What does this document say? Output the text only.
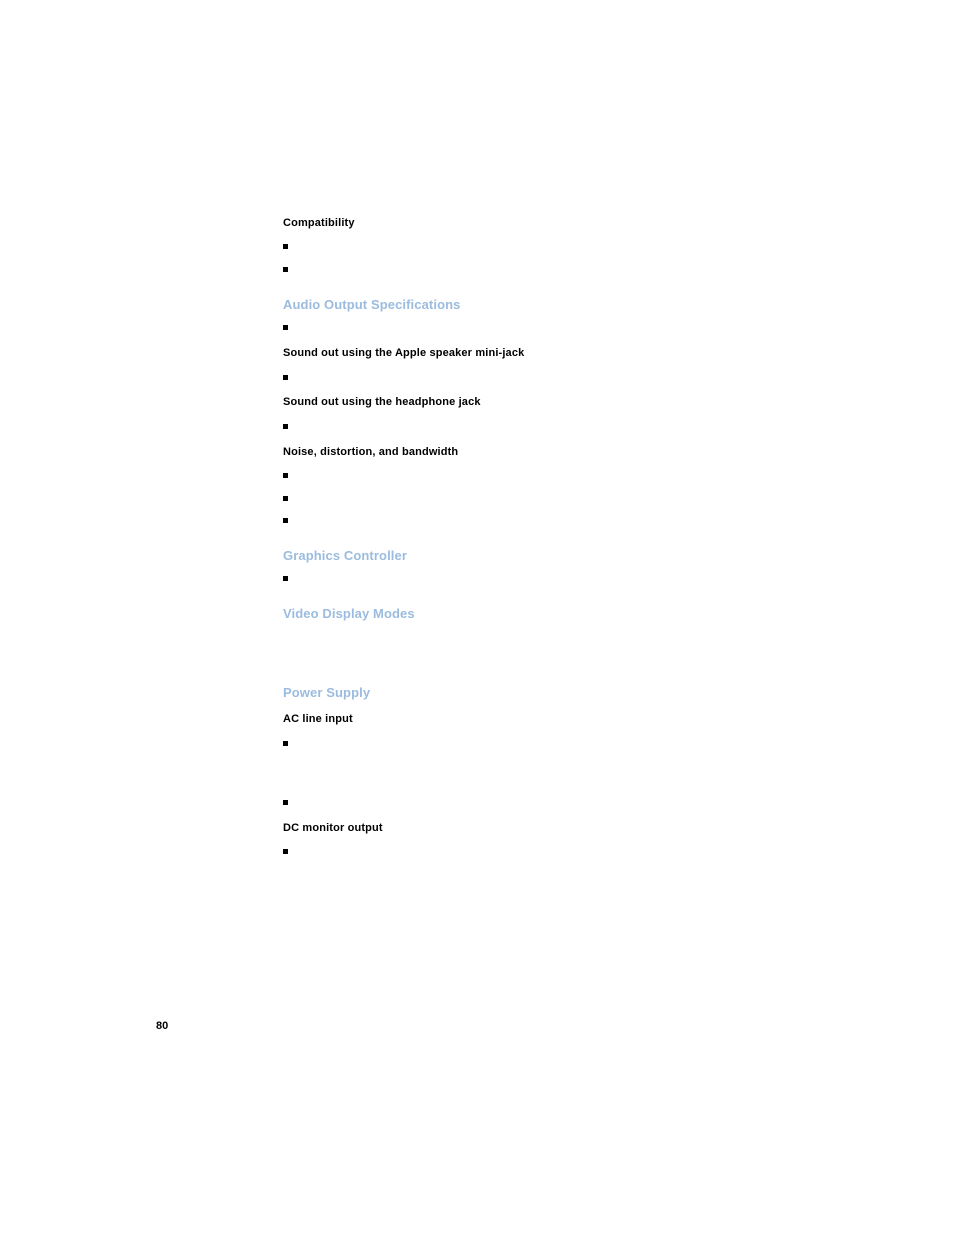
Compatibility
Audio Output Specifications
Sound out using the Apple speaker mini-jack
Sound out using the headphone jack
Noise, distortion, and bandwidth
Graphics Controller
Video Display Modes
Power Supply
AC line input
DC monitor output
80
